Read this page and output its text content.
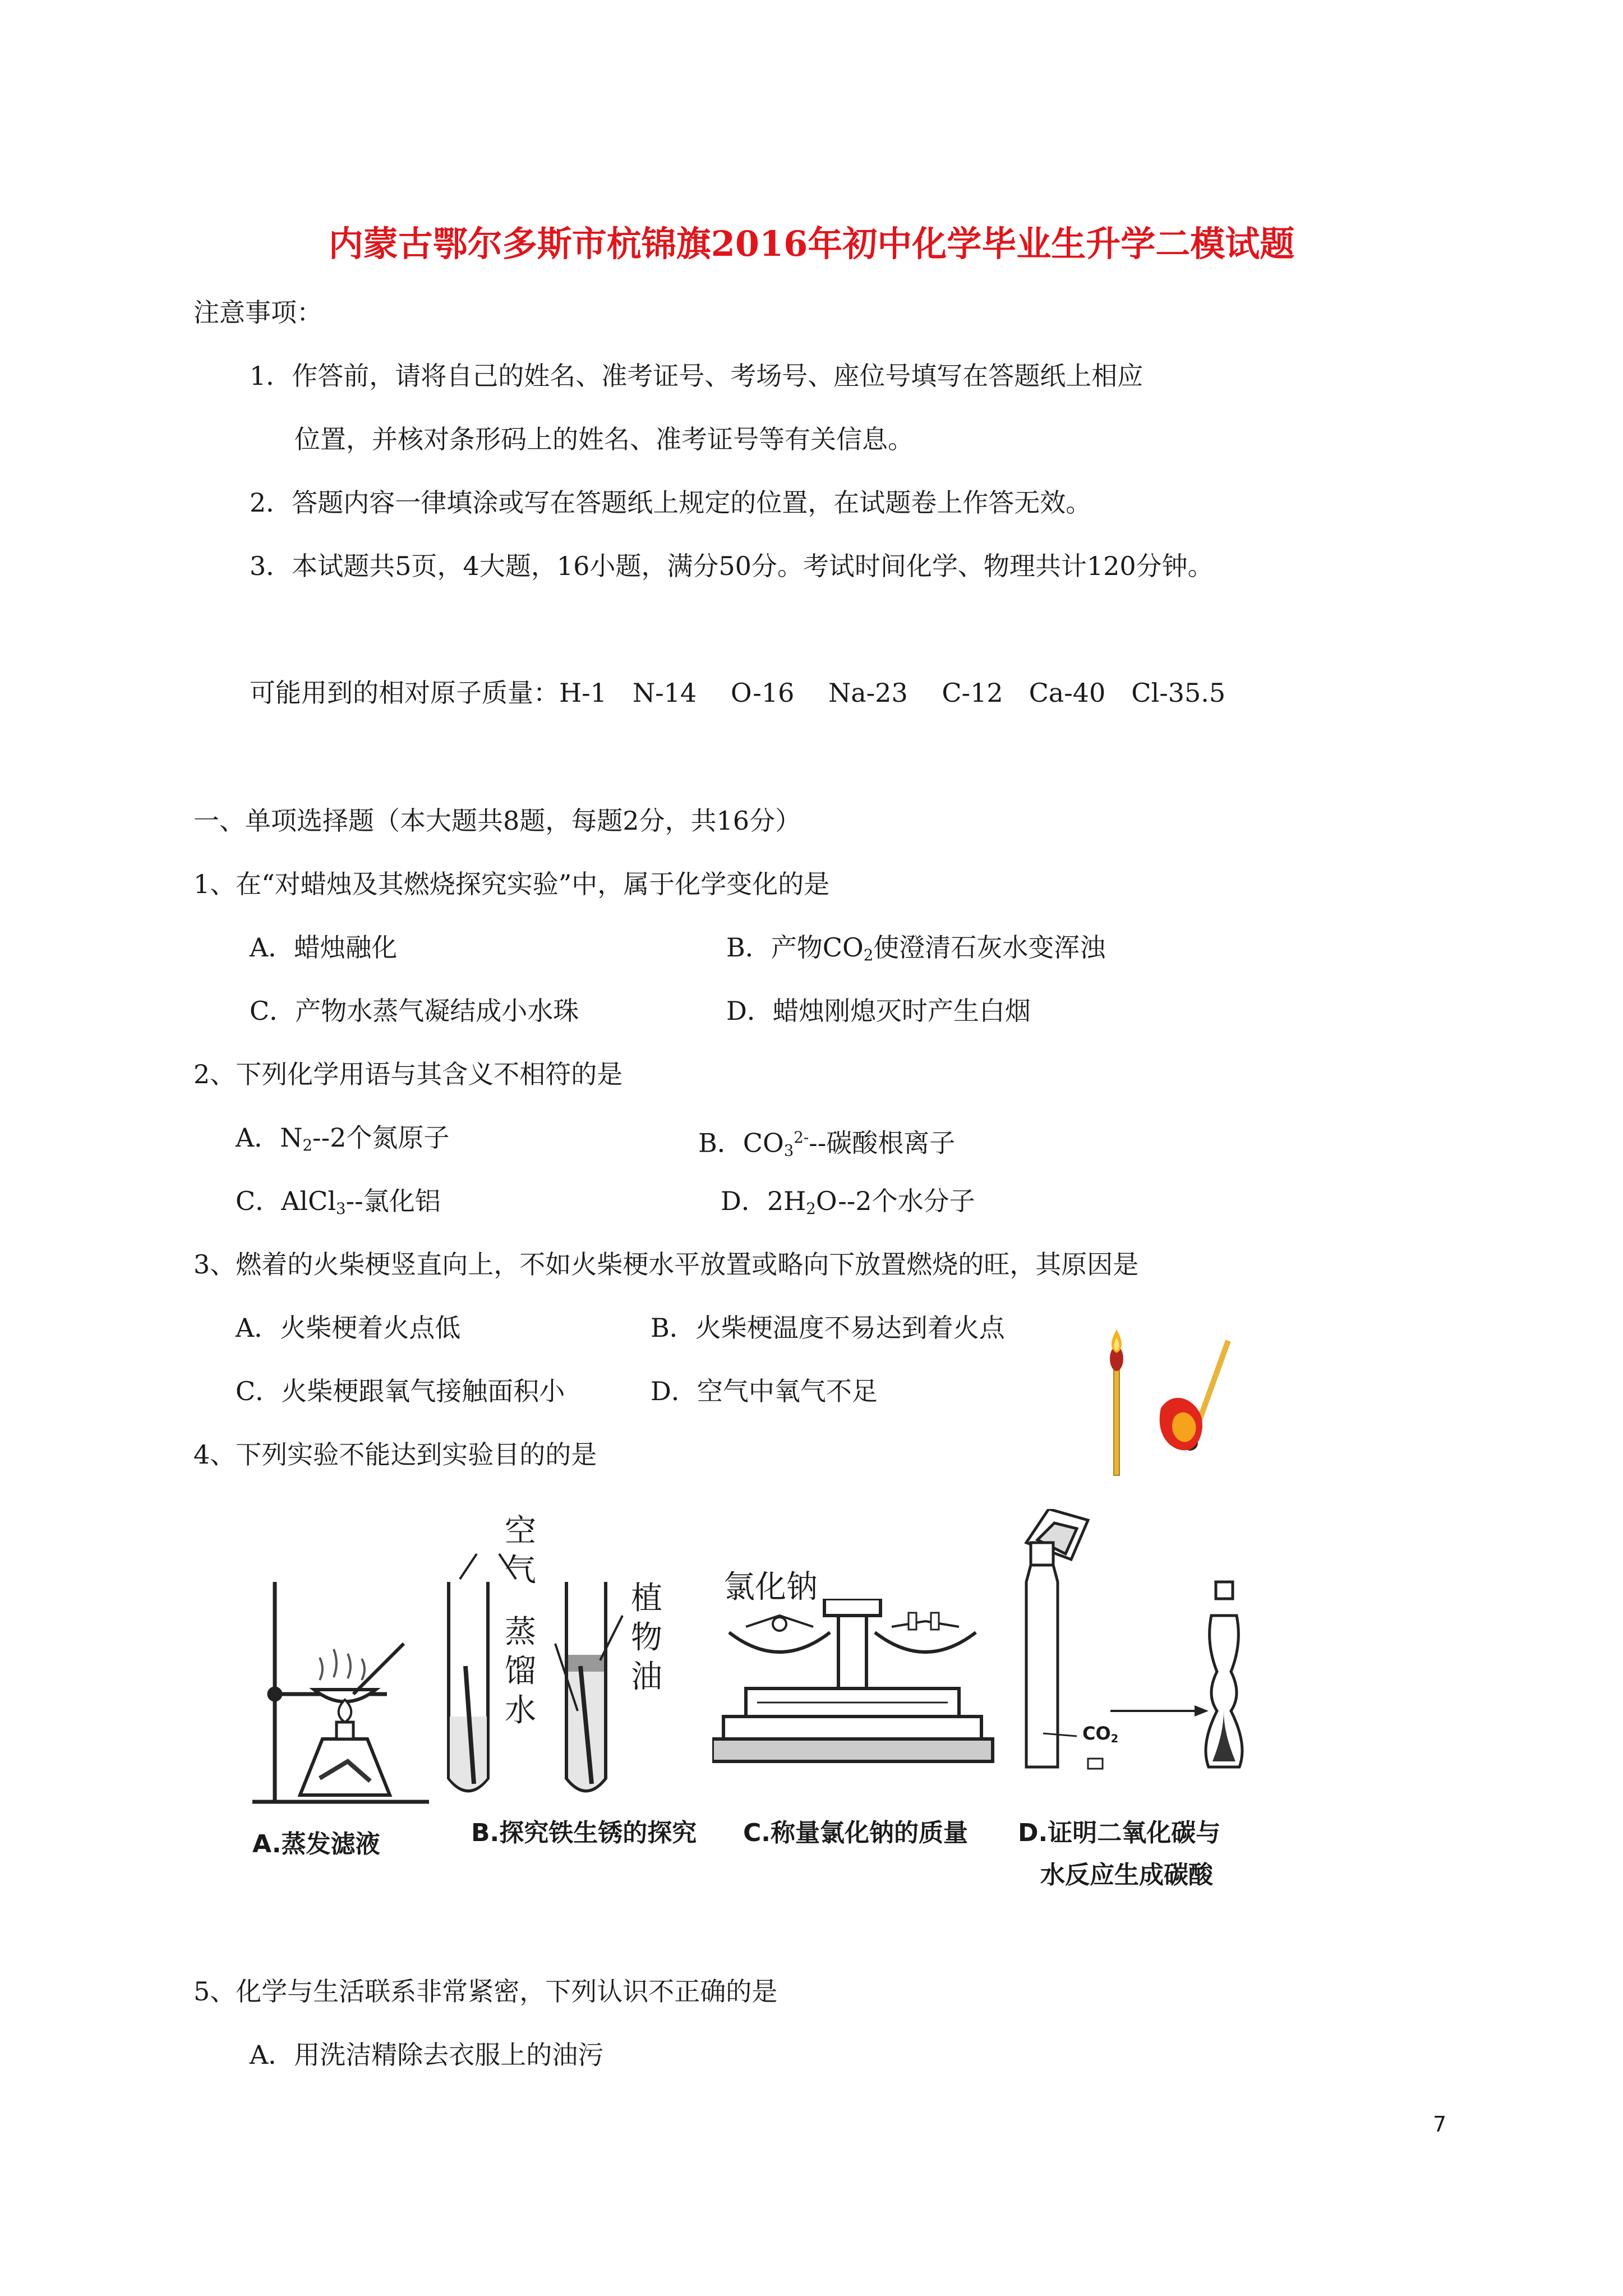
内蒙古鄂尔多斯市杭锦旗2016年初中化学毕业生升学二模试题
注意事项：
1．作答前，请将自己的姓名、准考证号、考场号、座位号填写在答题纸上相应
位置，并核对条形码上的姓名、准考证号等有关信息。
2．答题内容一律填涂或写在答题纸上规定的位置，在试题卷上作答无效。
3．本试题共5页，4大题，16小题，满分50分。考试时间化学、物理共计120分钟。
可能用到的相对原子质量：H-1　N-14　 O-16　 Na-23　 C-12　Ca-40　Cl-35.5
一、单项选择题（本大题共8题，每题2分，共16分）
1、在“对蜡烛及其燃烧探究实验”中，属于化学变化的是
A．蜡烛融化	B．产物$CO_2$使澄清石灰水变浑浊
C．产物水蒸气凝结成小水珠	D．蜡烛刚熄灭时产生白烟
2、下列化学用语与其含义不相符的是
A．$N_2--2$个氮原子	B．$CO_3^{2-}--$碳酸根离子
C．AlCl$_3$--氯化铝	D．$2H_2O--2$个水分子
3、燃着的火柴梗竖直向上，不如火柴梗水平放置或略向下放置燃烧的旺，其原因是
A．火柴梗着火点低	B．火柴梗温度不易达到着火点
C．火柴梗跟氧气接触面积小	D．空气中氧气不足
4、下列实验不能达到实验目的的是
空
气
蒸
馏
水
植
物
油
氯化钠
$CO_2$
A.蒸发滤液	B.探究铁生锈的探究 C.称量氯化钠的质量 D.证明二氧化碳与
水反应生成碳酸
5、化学与生活联系非常紧密，下列认识不正确的是
A．用洗洁精除去衣服上的油污
7
